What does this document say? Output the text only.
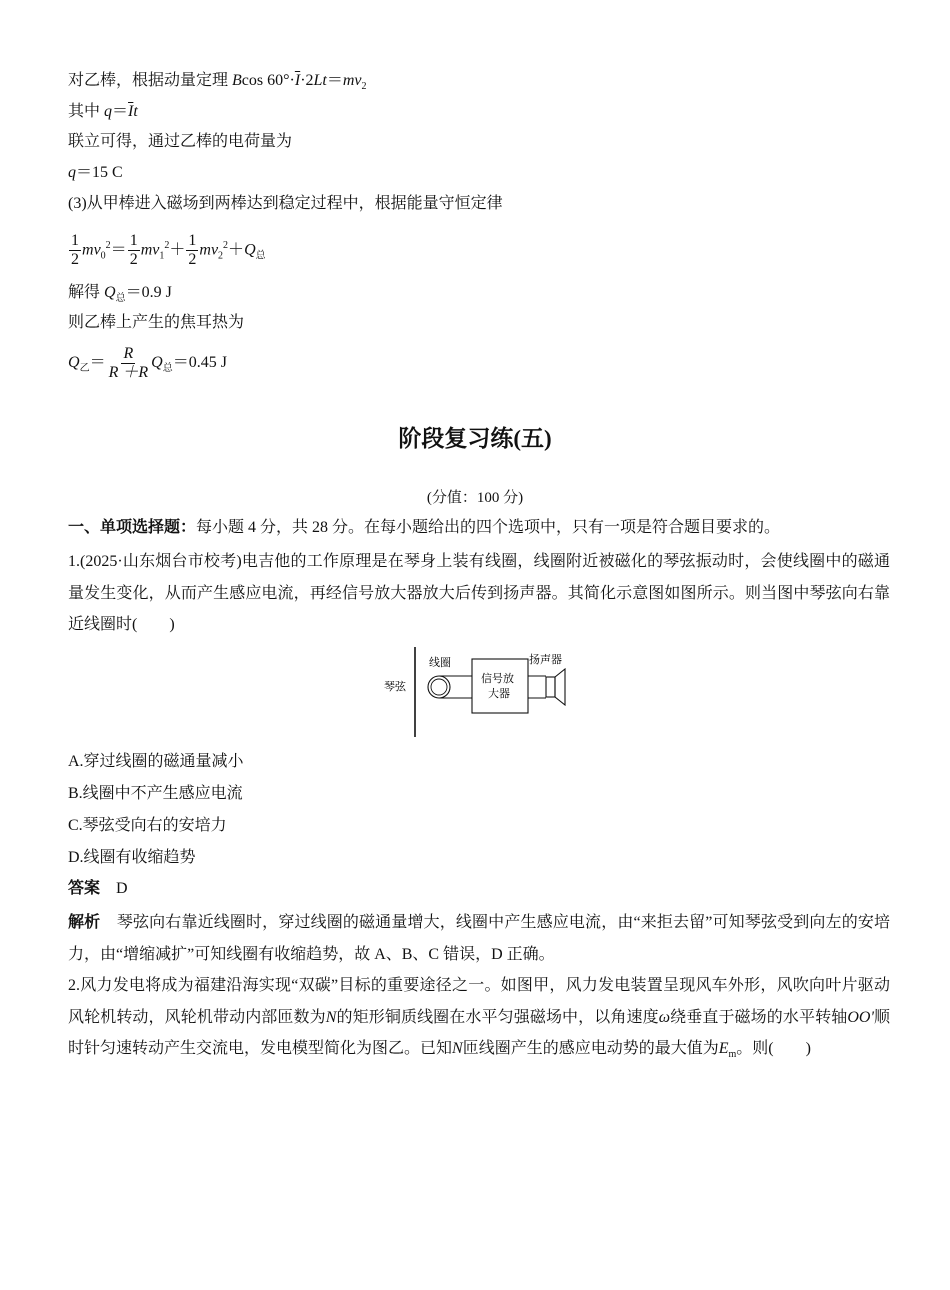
对乙棒，根据动量定理 Bcos $60^\circ\cdot\overline{I}\cdot 2Lt=mv_2$
其中 $q=\overline{I}t$
联立可得，通过乙棒的电荷量为
q＝15 C
(3)从甲棒进入磁场到两棒达到稳定过程中，根据能量守恒定律
$\frac{1}{2} mv_0^2= \frac{1}{2} mv_1^2+ \frac{1}{2} mv_2^2+Q_总$
解得 $Q_总=0.9$ J
则乙棒上产生的焦耳热为
$Q_乙= \frac{R}{R +R} Q_总=0.45$ J
阶段复习练(五)
(分值：100 分)
一、单项选择题：每小题 4 分，共 28 分。在每小题给出的四个选项中，只有一项是符合题目要求的。
1.(2025·山东烟台市校考)电吉他的工作原理是在琴身上装有线圈，线圈附近被磁化的琴弦振动时，会使线圈中的磁通量发生变化，从而产生感应电流，再经信号放大器放大后传到扬声器。其简化示意图如图所示。则当图中琴弦向右靠近线圈时(　　)
琴弦
线圈
信号放
大器
扬声器
A.穿过线圈的磁通量减小
B.线圈中不产生感应电流
C.琴弦受向右的安培力
D.线圈有收缩趋势
答案 D
解析 琴弦向右靠近线圈时，穿过线圈的磁通量增大，线圈中产生感应电流，由“来拒去留”可知琴弦受到向左的安培力，由“增缩减扩”可知线圈有收缩趋势，故 A、B、C 错误，D 正确。
2.风力发电将成为福建沿海实现“双碳”目标的重要途径之一。如图甲，风力发电装置呈现风车外形，风吹向叶片驱动风轮机转动，风轮机带动内部匝数为N的矩形铜质线圈在水平匀强磁场中，以角速度ω绕垂直于磁场的水平转轴OO'顺时针匀速转动产生交流电，发电模型简化为图乙。已知N匝线圈产生的感应电动势的最大值为$E_m$。则(　　)
